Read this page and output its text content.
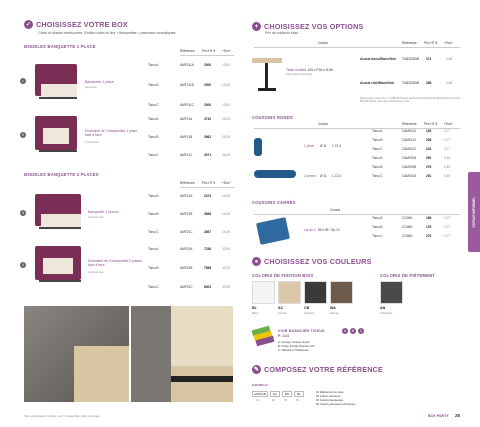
✓ CHOISISSEZ VOTRE BOX
Côtés et dossier rembourrés. Finition cotés et dos + banquettes = panneaux acoustiques.
MODÈLES BANQUETTE 1 PLACE
Référence Prix HT € +Eco*
1	Banquette 1 place
personne
Tissu A	AMF111A	2000	13,00
Tissu B	AMF111B	2000	13,00
Tissu C	AMF111C	2000	13,00
2
Ensemble de 2 banquettes 1 place face à face
1 personne
Tissu A	AMF11A	3710	26,25
Tissu B	AMF11B	3962	26,25
Tissu C	AMF11C	4071	26,25
MODÈLES BANQUETTE 2 PLACES
Référence Prix HT € +Eco*
3	Banquette 2 places
2 personnes
Tissu A	AMF21A	2474	16,45
Tissu B	AMF21B	2668	16,45
Tissu C	AMF21C	2867	16,45
4
Ensemble de 2 banquettes 2 places face à face
4 personnes
Tissu A	AMF22A	7236	32,90
Tissu B	AMF22B	7568	32,90
Tissu C	AMF22C	8003	32,90
*Eco-participation mobilier, voir TC assemblé, tarifs à la page.
+ CHOISISSEZ VOS OPTIONS
Prix de couleurs tissu
Coloris	Référence Prix HT € +Eco*
Table mobile L.105 x P.54 x H.68
Pied support bois acier
Acacia blanc/Blanc/Noir TAB22283B 374	0,68
Acacia clair/Blanc/Noir TAB22283B 398	0,68
Dossier haut et haut 74 x 1 / 2 KBE BC Dossier latéral confortable RAL 9k Plateau Bois en Incolore DE 0.80 Pose à même des revêtements 1 x 0.80
COUSSINS RONDS
Coloris	Référence Prix HT € +Eco*
1 pièce Ø 11 L.72,4
2 pièces Ø 11 L.72,4
Tissu A	CAM0114	193	0,77
Tissu B	CAM0113	208	0,77
Tissu C	CAM0112	243	0,77
Tissu A	CAM0024	260	0,49
Tissu B	CAM0025	276	0,49
Tissu C	CAM0023	291	0,49
COUSSINS CARRÉS
Coloris
Lot de 4 59 x 59 · Ep.12
Tissu A	CCM61	166	0,77
Tissu B	CCM61	178	0,77
Tissu C	CCM61	276	0,77
● CHOISISSEZ VOS COULEURS
COLORIS DE FINITION BOIS	COLORIS DE PIÈTEMENT
BL
Blanc
AC
Acacia
CB
Charbon
WA
Wenge
AN
Anthracite
VOIR NUANCIER TISSUS
P. 324
A	B	C
A: Omega, Unique Vinyle
B: Oxidy, Flockly Sinorine CS
C: Mélodie et Vullanovim
✎ COMPOSEZ VOTRE RÉFÉRENCE
EXEMPLE:
AMF22B	AC	BG	BL
01	02	03	04
01 Référence de base
02 Coloris structure
03 Coloris banquettes
04 Coloris panneaux phoniques
ESPACE INFORMEL
BOX PARTY 25
